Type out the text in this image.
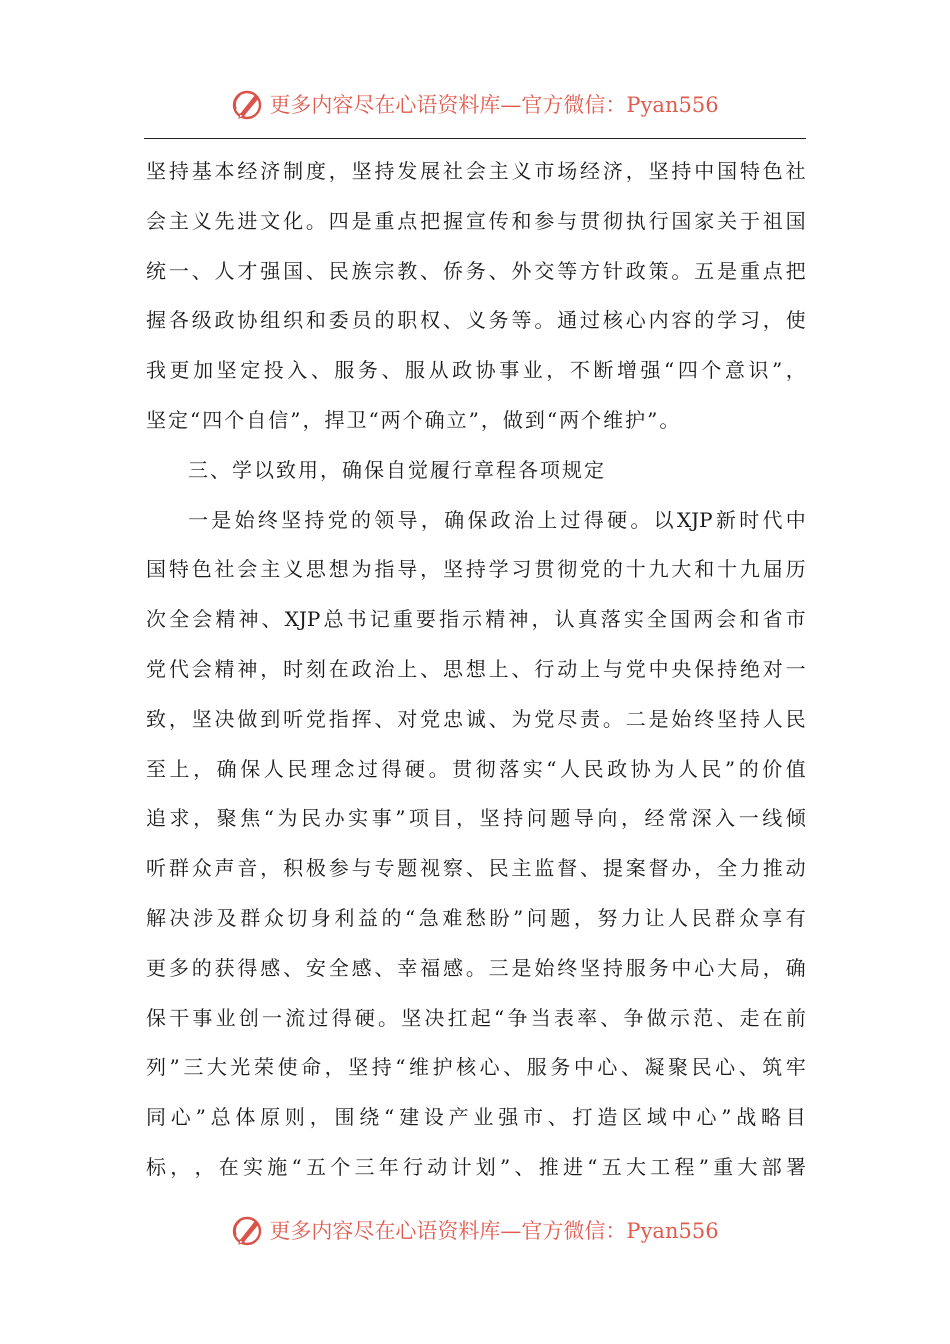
更多内容尽在心语资料库—官方微信：Pyan556
坚 持 基 本 经 济 制 度 ， 坚 持 发 展 社 会 主 义 市 场 经 济 ， 坚 持 中 国 特 色 社
会 主 义 先 进 文 化 。 四 是 重 点 把 握 宣 传 和 参 与 贯 彻 执 行 国 家 关 于 祖 国
统 一 、 人 才 强 国 、 民 族 宗 教 、 侨 务 、 外 交 等 方 针 政 策 。 五 是 重 点 把
握 各 级 政 协 组 织 和 委 员 的 职 权 、 义 务 等 。 通 过 核 心 内 容 的 学 习 ， 使
我 更 加 坚 定 投 入 、 服 务 、 服 从 政 协 事 业 ， 不 断 增 强 “ 四 个 意 识 ” ，
坚定“四个自信”，捍卫“两个确立”，做到“两个维护”。
三、学以致用，确保自觉履行章程各项规定
一 是 始 终 坚 持 党 的 领 导 ， 确 保 政 治 上 过 得 硬 。 以 XJP 新 时 代 中
国 特 色 社 会 主 义 思 想 为 指 导 ， 坚 持 学 习 贯 彻 党 的 十 九 大 和 十 九 届 历
次 全 会 精 神 、 XJP 总 书 记 重 要 指 示 精 神 ， 认 真 落 实 全 国 两 会 和 省 市
党 代 会 精 神 ， 时 刻 在 政 治 上 、 思 想 上 、 行 动 上 与 党 中 央 保 持 绝 对 一
致 ， 坚 决 做 到 听 党 指 挥 、 对 党 忠 诚 、 为 党 尽 责 。 二 是 始 终 坚 持 人 民
至 上 ， 确 保 人 民 理 念 过 得 硬 。 贯 彻 落 实 “ 人 民 政 协 为 人 民 ” 的 价 值
追 求 ， 聚 焦 “ 为 民 办 实 事 ” 项 目 ， 坚 持 问 题 导 向 ， 经 常 深 入 一 线 倾
听 群 众 声 音 ， 积 极 参 与 专 题 视 察 、 民 主 监 督 、 提 案 督 办 ， 全 力 推 动
解 决 涉 及 群 众 切 身 利 益 的 “ 急 难 愁 盼 ” 问 题 ， 努 力 让 人 民 群 众 享 有
更 多 的 获 得 感 、 安 全 感 、 幸 福 感 。 三 是 始 终 坚 持 服 务 中 心 大 局 ， 确
保 干 事 业 创 一 流 过 得 硬 。 坚 决 扛 起 “ 争 当 表 率 、 争 做 示 范 、 走 在 前
列 ” 三 大 光 荣 使 命 ， 坚 持 “ 维 护 核 心 、 服 务 中 心 、 凝 聚 民 心 、 筑 牢
同 心 ” 总 体 原 则 ， 围 绕 “ 建 设 产 业 强 市 、 打 造 区 域 中 心 ” 战 略 目
标 ， ， 在 实 施 “ 五 个 三 年 行 动 计 划 ” 、 推 进 “ 五 大 工 程 ” 重 大 部 署
更多内容尽在心语资料库—官方微信：Pyan556
